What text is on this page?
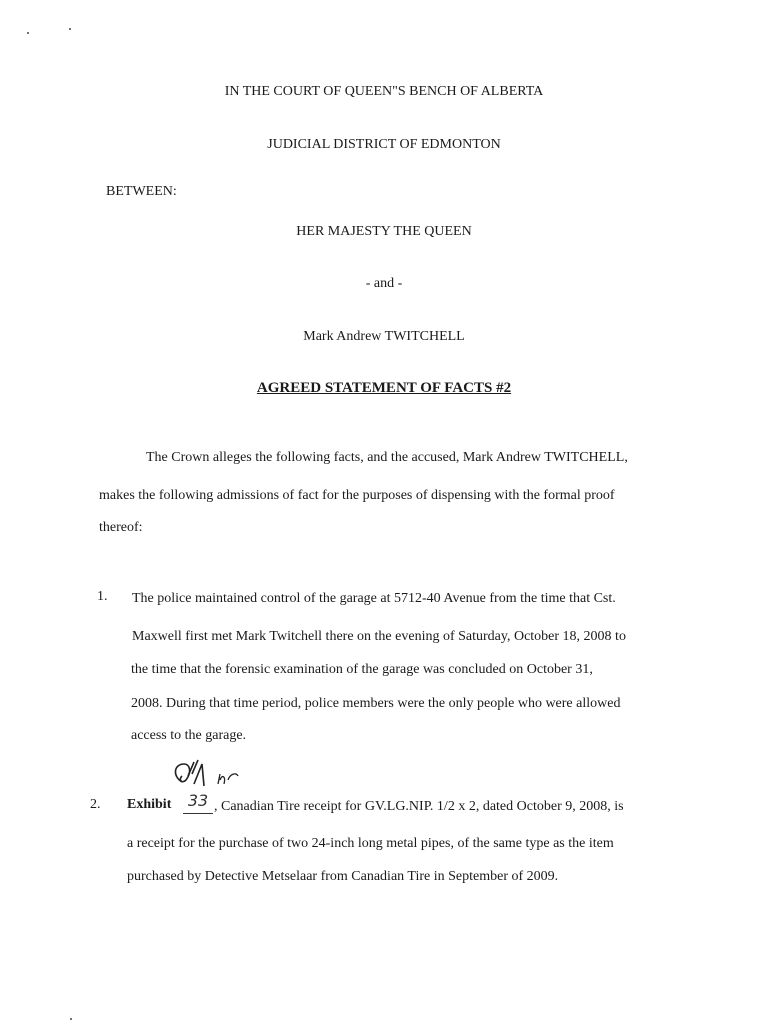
IN THE COURT OF QUEEN"S BENCH OF ALBERTA
JUDICIAL DISTRICT OF EDMONTON
BETWEEN:
HER MAJESTY THE QUEEN
- and -
Mark Andrew TWITCHELL
AGREED STATEMENT OF FACTS #2
The Crown alleges the following facts, and the accused, Mark Andrew TWITCHELL,
makes the following admissions of fact for the purposes of dispensing with the formal proof
thereof:
1. The police maintained control of the garage at 5712-40 Avenue from the time that Cst.
Maxwell first met Mark Twitchell there on the evening of Saturday, October 18, 2008 to
the time that the forensic examination of the garage was concluded on October 31,
2008. During that time period, police members were the only people who were allowed
access to the garage.
2. Exhibit	33 , Canadian Tire receipt for GV.LG.NIP. 1/2 x 2, dated October 9, 2008, is
a receipt for the purchase of two 24-inch long metal pipes, of the same type as the item
purchased by Detective Metselaar from Canadian Tire in September of 2009.
